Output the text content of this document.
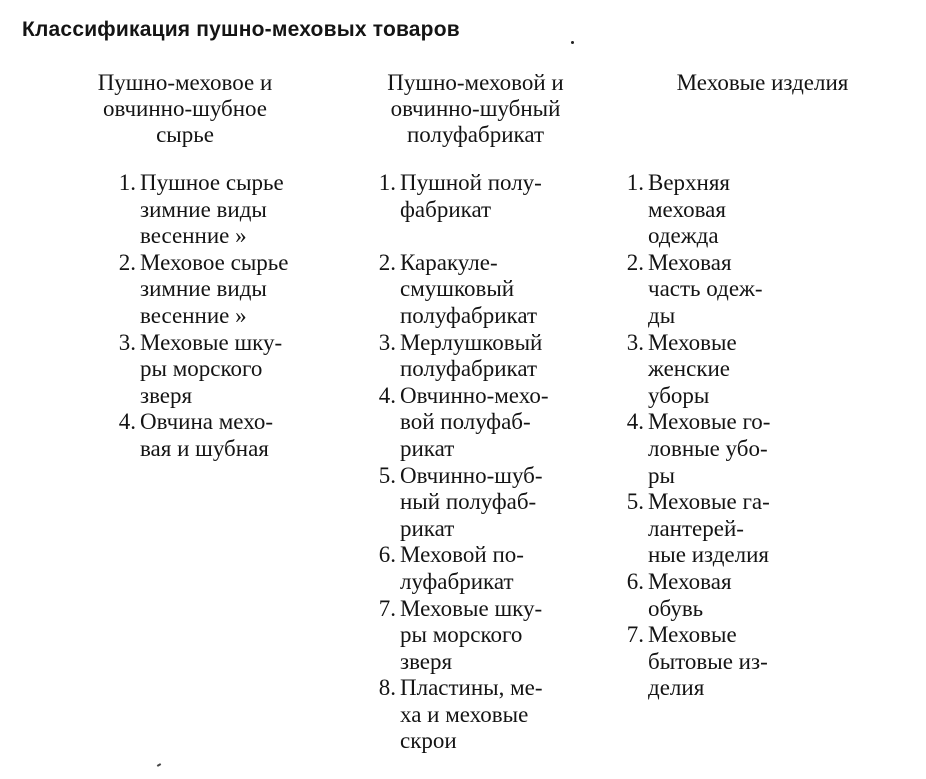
Классификация пушно-меховых товаров
Пушно-меховое и
овчинно-шубное
сырье
Пушно-меховой и
овчинно-шубный
полуфабрикат
Меховые изделия
1. Пушное сырье
зимние виды
весенние »
2. Меховое сырье
зимние виды
весенние »
3. Меховые шку-
ры морского
зверя
4. Овчина мехо-
вая и шубная
1. Пушной полу-
фабрикат
2. Каракуле-
смушковый
полуфабрикат
3. Мерлушковый
полуфабрикат
4. Овчинно-мехо-
вой полуфаб-
рикат
5. Овчинно-шуб-
ный полуфаб-
рикат
6. Меховой по-
луфабрикат
7. Меховые шку-
ры морского
зверя
8. Пластины, ме-
ха и меховые
скрои
1. Верхняя
меховая
одежда
2. Меховая
часть одеж-
ды
3. Меховые
женские
уборы
4. Меховые го-
ловные убо-
ры
5. Меховые га-
лантерей-
ные изделия
6. Меховая
обувь
7. Меховые
бытовые из-
делия
